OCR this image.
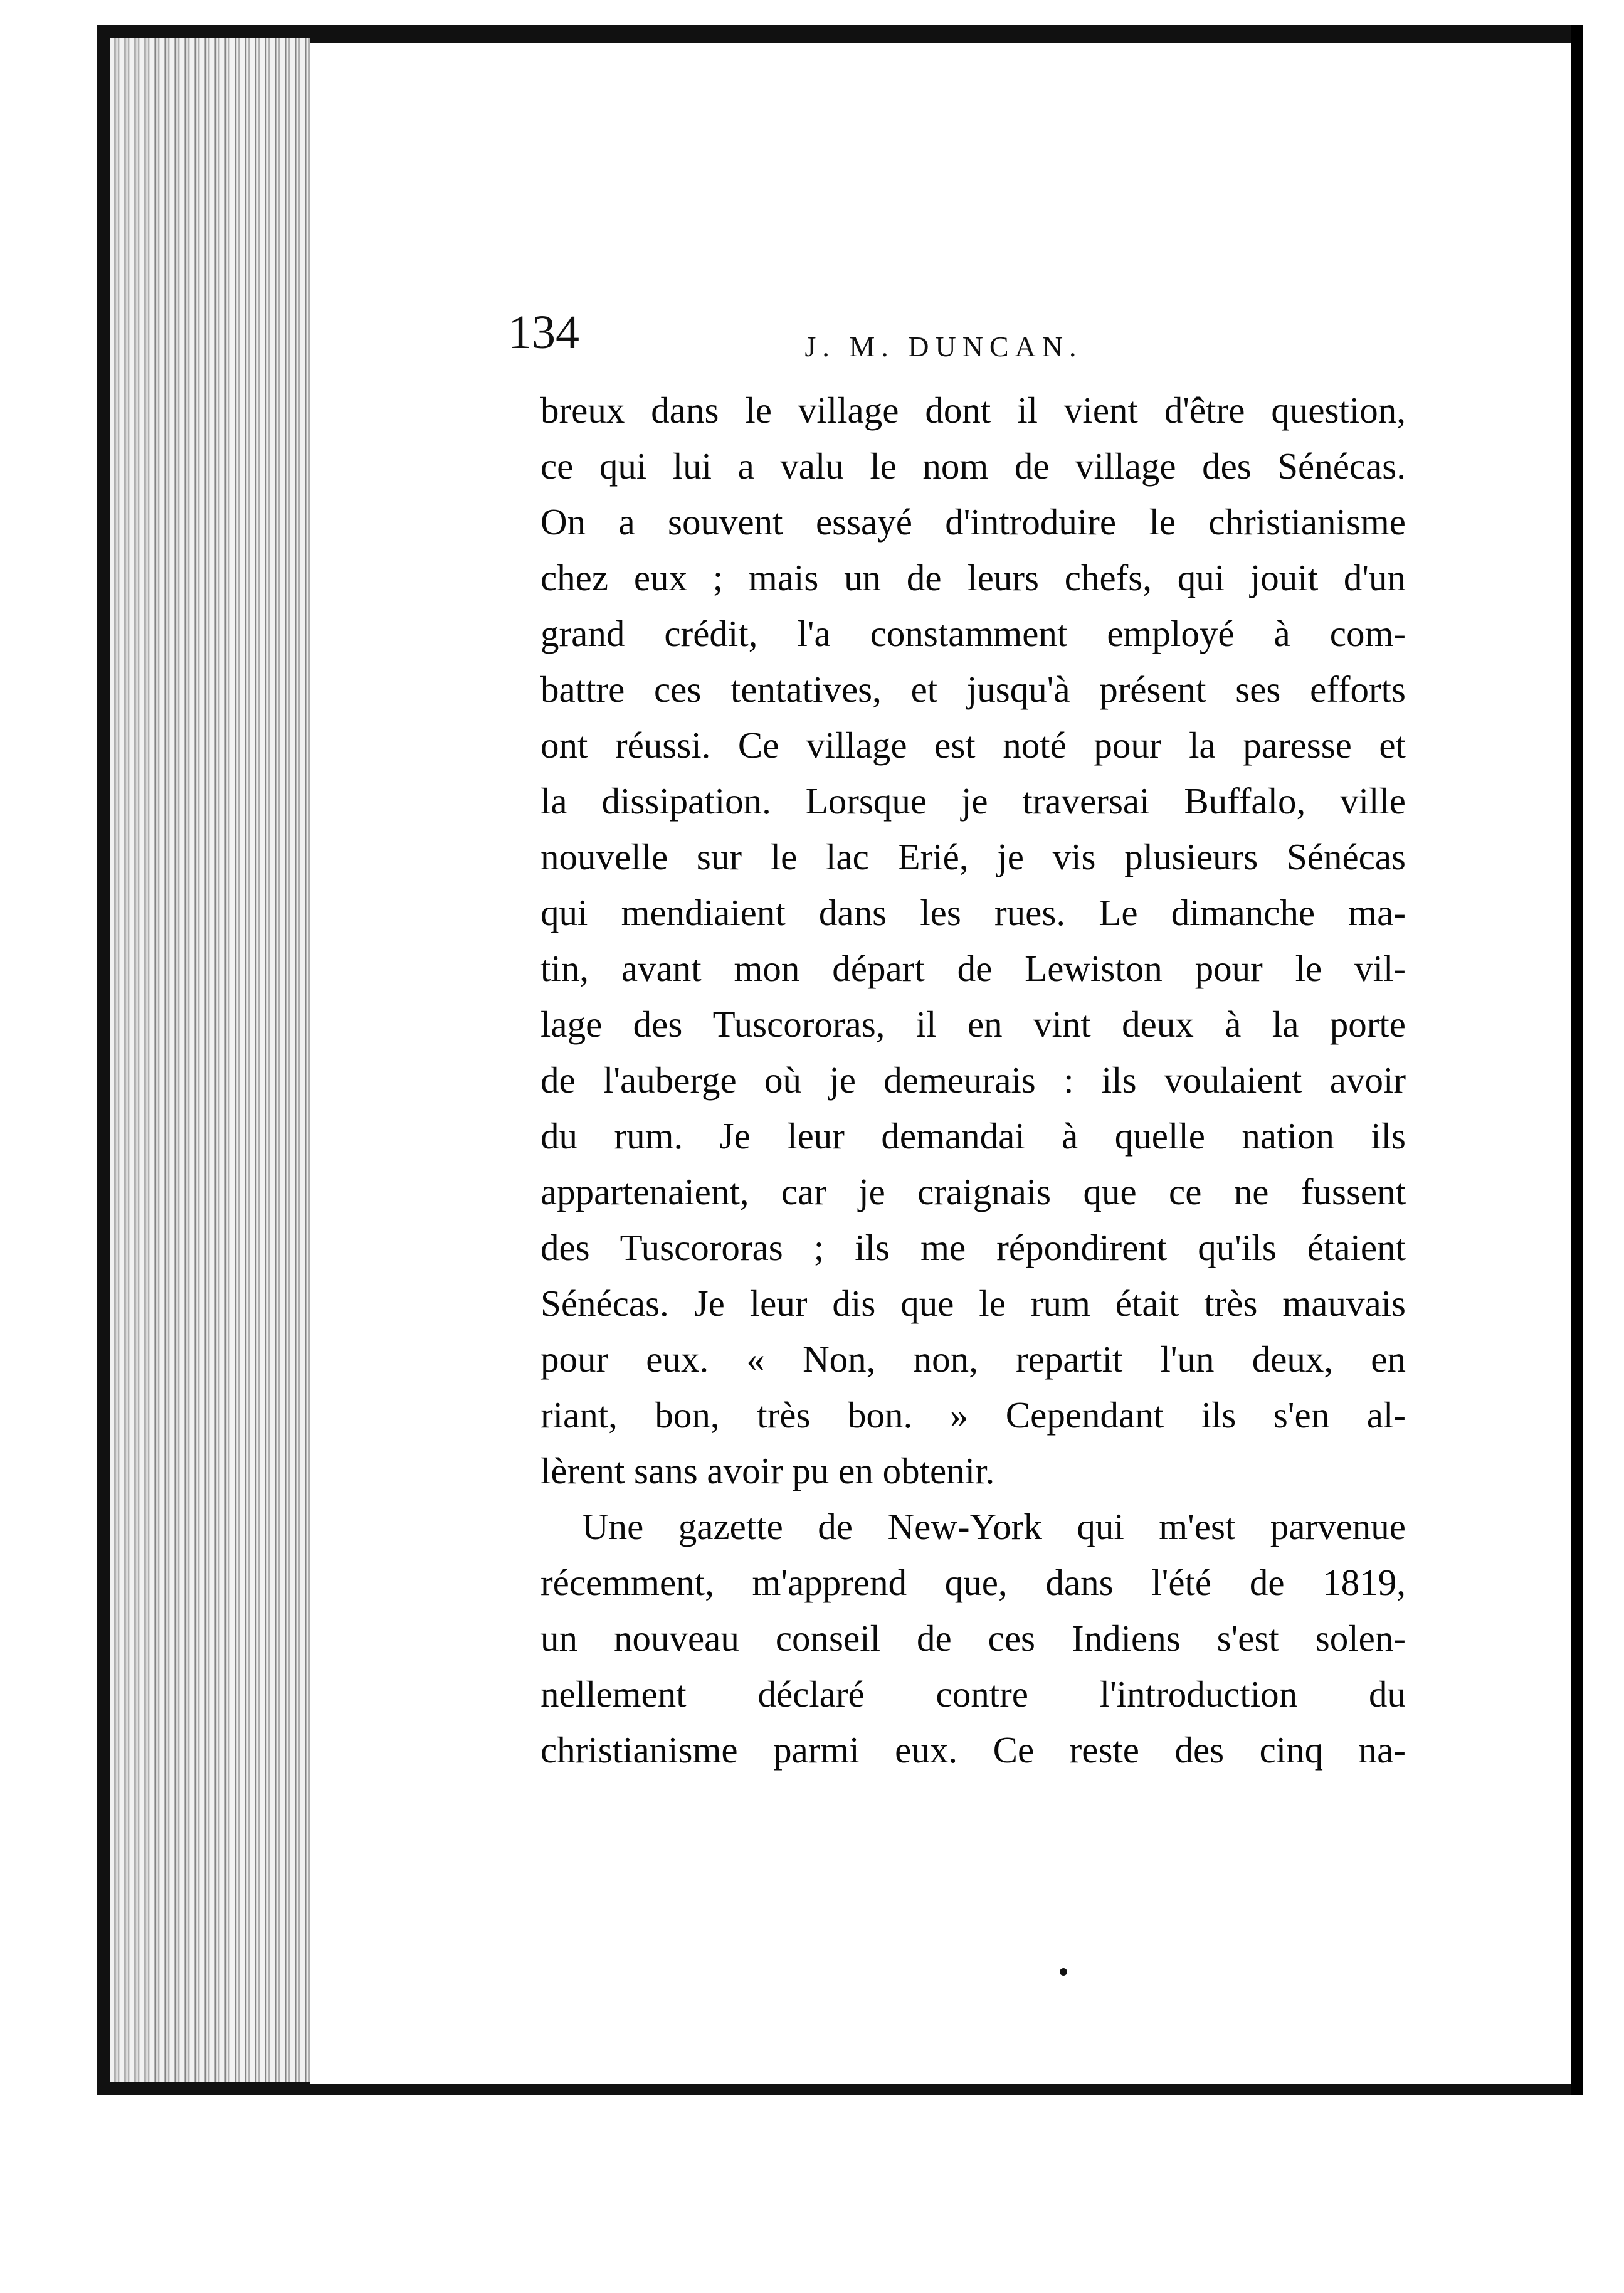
134	J. M. DUNCAN.
breux dans le village dont il vient d'être question,
ce qui lui a valu le nom de village des Sénécas.
On a souvent essayé d'introduire le christianisme
chez eux ; mais un de leurs chefs, qui jouit d'un
grand crédit, l'a constamment employé à com-
battre ces tentatives, et jusqu'à présent ses efforts
ont réussi. Ce village est noté pour la paresse et
la dissipation. Lorsque je traversai Buffalo, ville
nouvelle sur le lac Erié, je vis plusieurs Sénécas
qui mendiaient dans les rues. Le dimanche ma-
tin, avant mon départ de Lewiston pour le vil-
lage des Tuscororas, il en vint deux à la porte
de l'auberge où je demeurais : ils voulaient avoir
du rum. Je leur demandai à quelle nation ils
appartenaient, car je craignais que ce ne fussent
des Tuscororas ; ils me répondirent qu'ils étaient
Sénécas. Je leur dis que le rum était très mauvais
pour eux. « Non, non, repartit l'un deux, en
riant, bon, très bon. » Cependant ils s'en al-
lèrent sans avoir pu en obtenir.
Une gazette de New-York qui m'est parvenue
récemment, m'apprend que, dans l'été de 1819,
un nouveau conseil de ces Indiens s'est solen-
nellement déclaré contre l'introduction du
christianisme parmi eux. Ce reste des cinq na-
